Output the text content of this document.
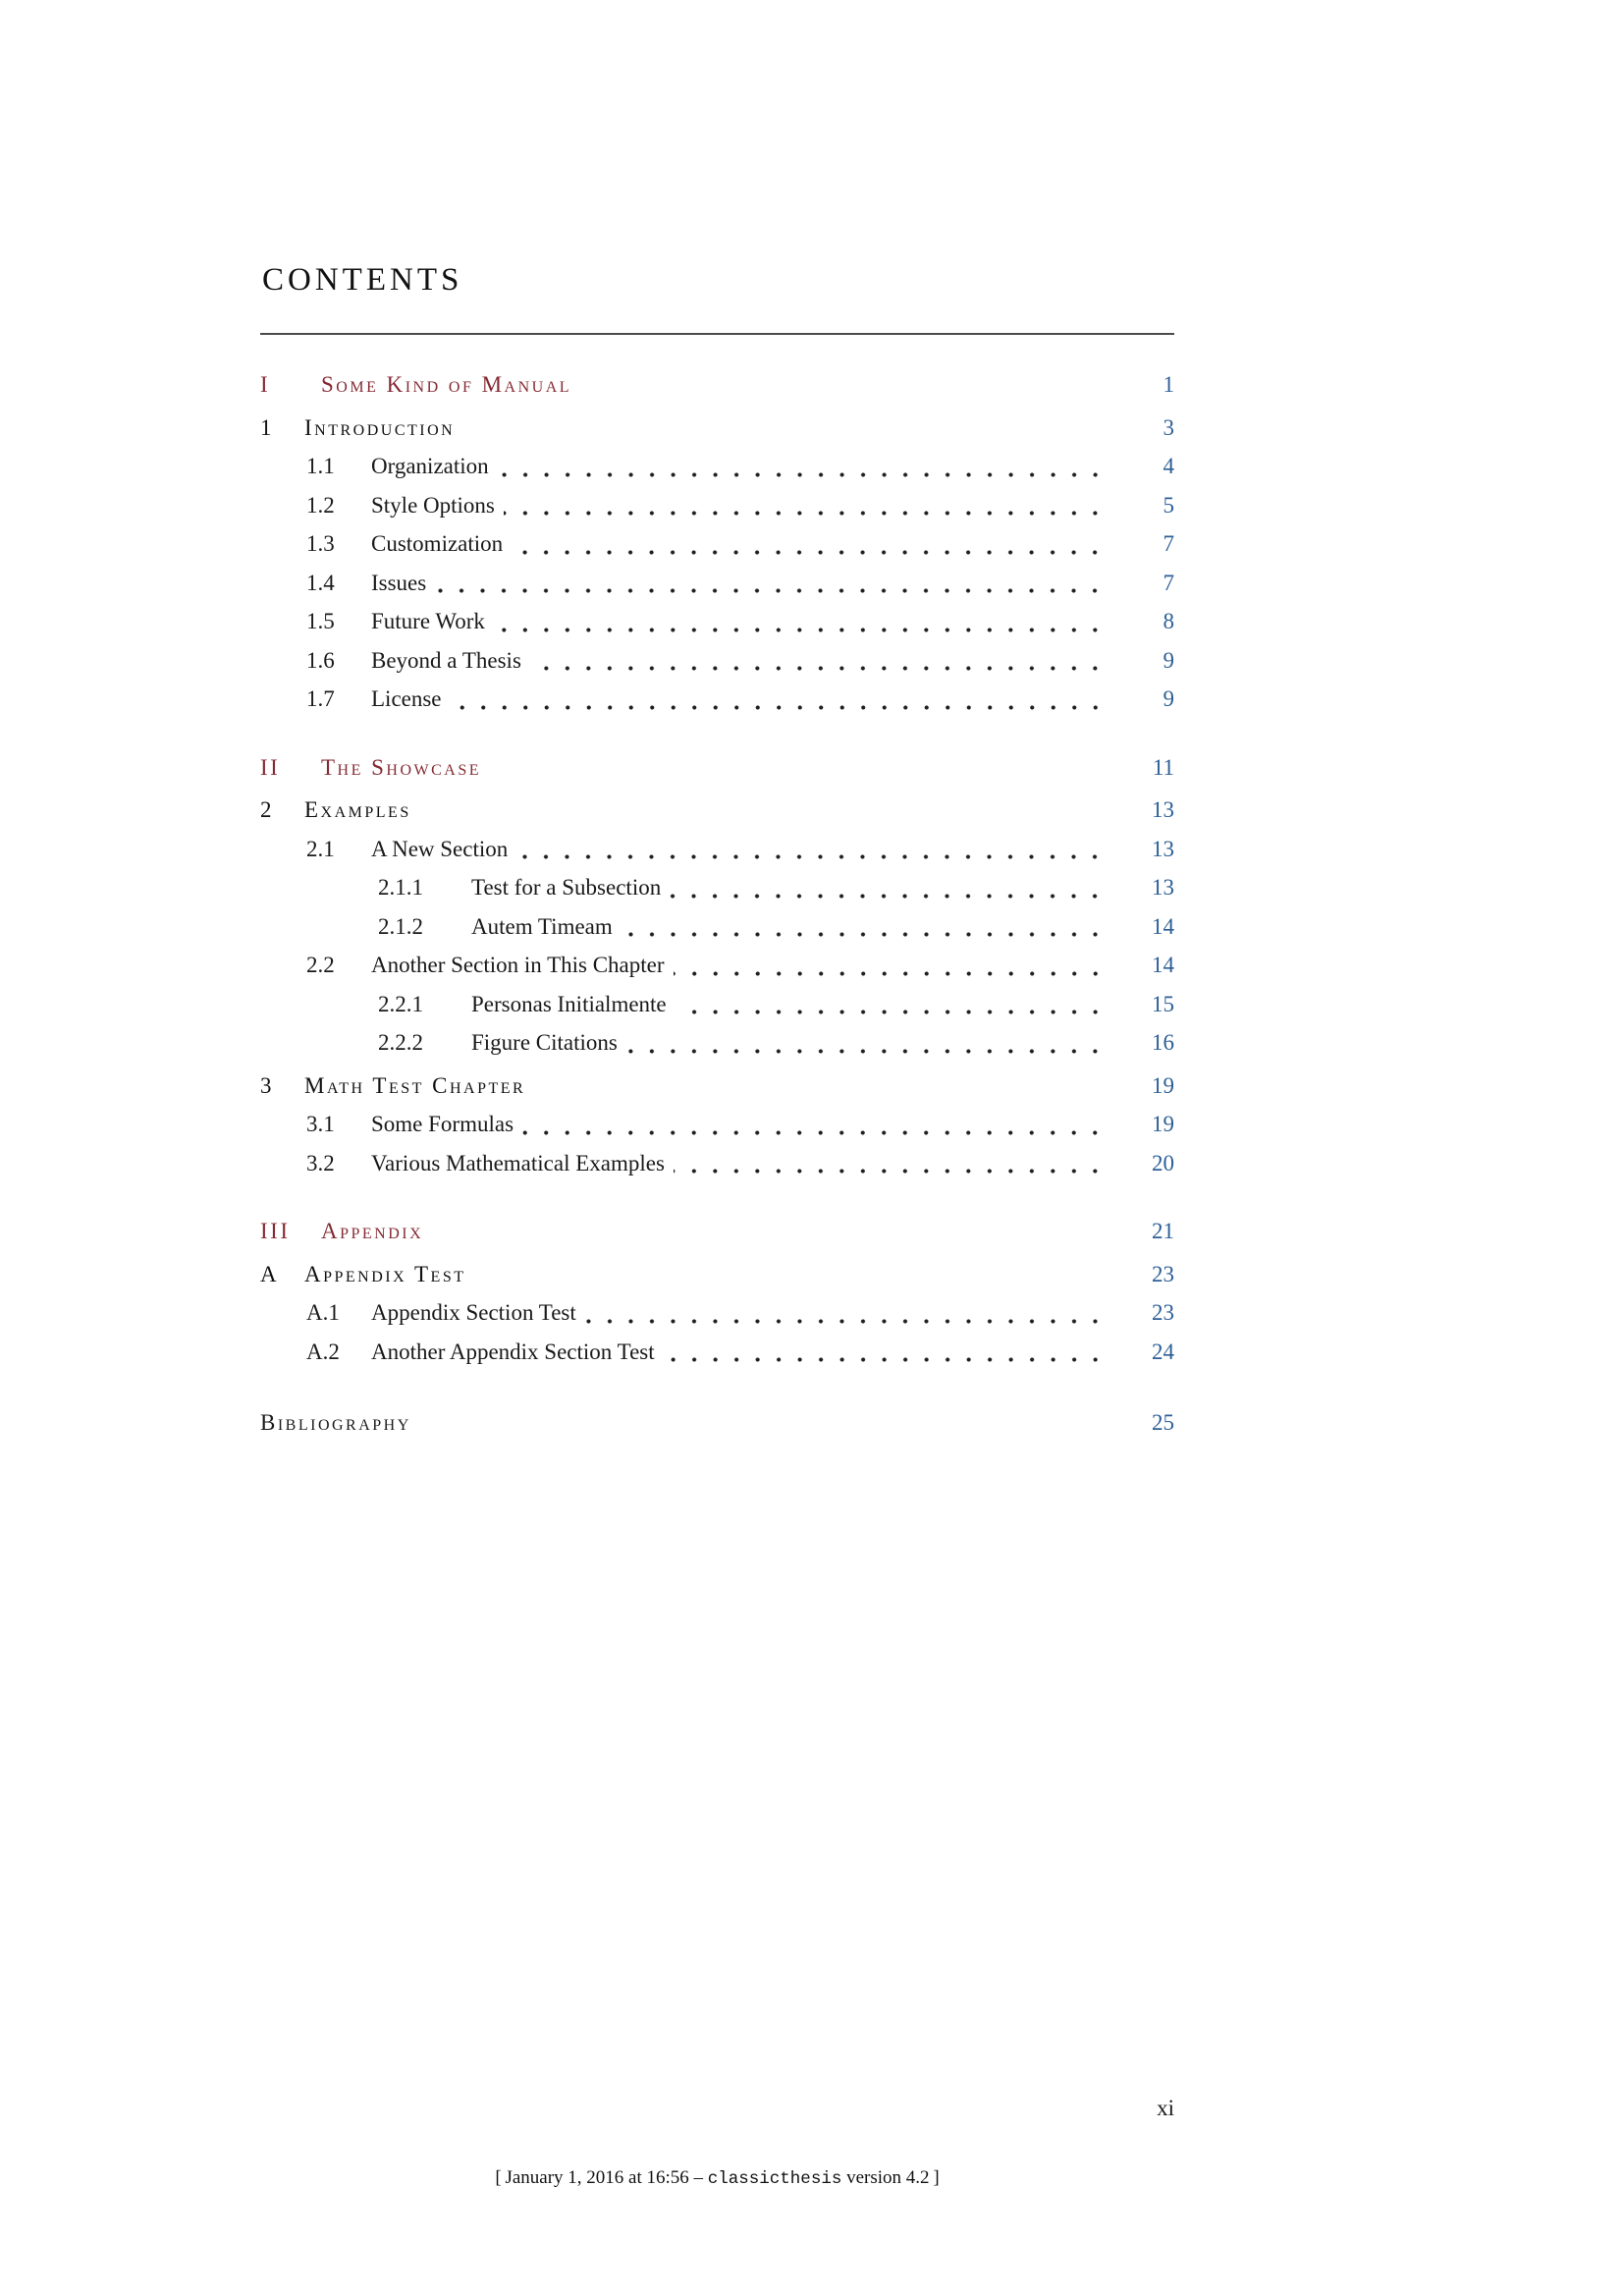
CONTENTS
I	Some Kind of Manual	1
1	Introduction	3
1.1	Organization	4
1.2	Style Options	5
1.3	Customization	7
1.4	Issues	7
1.5	Future Work	8
1.6	Beyond a Thesis	9
1.7	License	9
II	The Showcase	11
2	Examples	13
2.1	A New Section	13
2.1.1	Test for a Subsection	13
2.1.2	Autem Timeam	14
2.2	Another Section in This Chapter	14
2.2.1	Personas Initialmente	15
2.2.2	Figure Citations	16
3	Math Test Chapter	19
3.1	Some Formulas	19
3.2	Various Mathematical Examples	20
III	Appendix	21
A	Appendix Test	23
A.1	Appendix Section Test	23
A.2	Another Appendix Section Test	24
Bibliography	25
xi
[ January 1, 2016 at 16:56 – classicthesis version 4.2 ]
